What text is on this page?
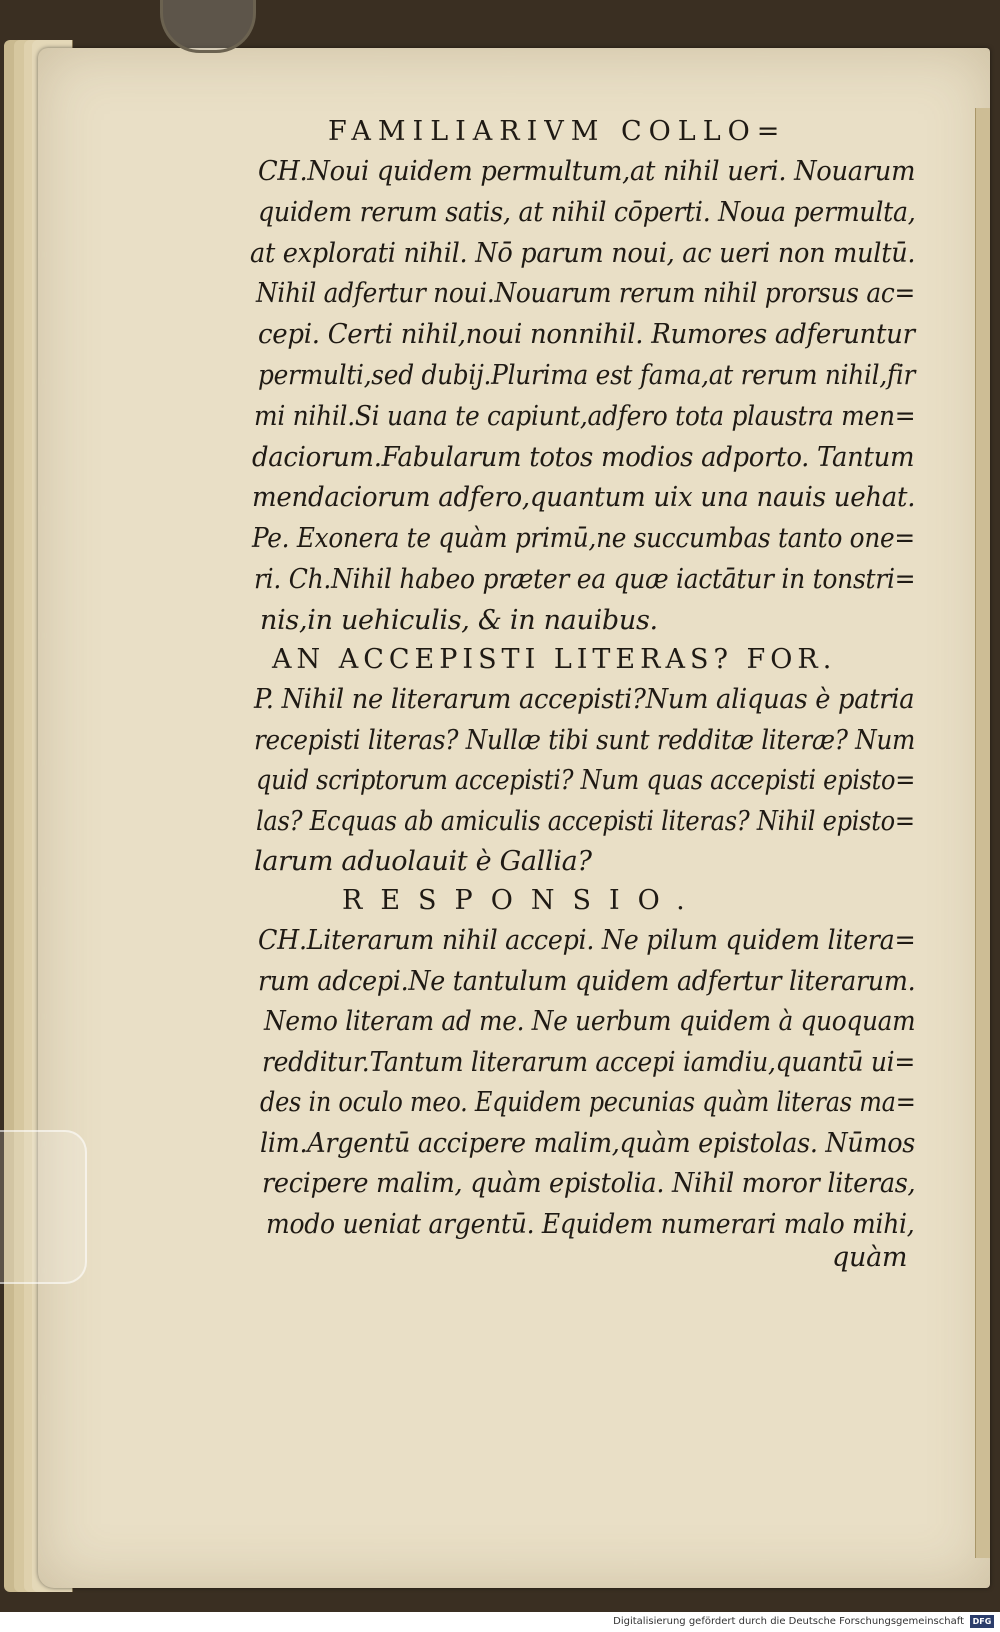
FAMILIARIVM COLLO=
CH.Noui quidem permultum,at nihil ueri. Nouarum
quidem rerum satis, at nihil cōperti. Noua permulta,
at explorati nihil. Nō parum noui, ac ueri non multū.
Nihil adfertur noui.Nouarum rerum nihil prorsus ac=
cepi. Certi nihil,noui nonnihil. Rumores adferuntur
permulti,sed dubij.Plurima est fama,at rerum nihil,fir
mi nihil.Si uana te capiunt,adfero tota plaustra men=
daciorum.Fabularum totos modios adporto. Tantum
mendaciorum adfero,quantum uix una nauis uehat.
Pe. Exonera te quàm primū,ne succumbas tanto one=
ri. Ch.Nihil habeo præter ea quæ iactātur in tonstri=
nis,in uehiculis, & in nauibus.
AN ACCEPISTI LITERAS? FOR.
P. Nihil ne literarum accepisti?Num aliquas è patria
recepisti literas? Nullæ tibi sunt redditæ literæ? Num
quid scriptorum accepisti? Num quas accepisti episto=
las? Ecquas ab amiculis accepisti literas? Nihil episto=
larum aduolauit è Gallia?
RESPONSIO.
CH.Literarum nihil accepi. Ne pilum quidem litera=
rum adcepi.Ne tantulum quidem adfertur literarum.
Nemo literam ad me. Ne uerbum quidem à quoquam
redditur.Tantum literarum accepi iamdiu,quantū ui=
des in oculo meo. Equidem pecunias quàm literas ma=
lim.Argentū accipere malim,quàm epistolas. Nūmos
recipere malim, quàm epistolia. Nihil moror literas,
modo ueniat argentū. Equidem numerari malo mihi,
quàm
Digitalisierung gefördert durch die Deutsche Forschungsgemeinschaft	DFG
